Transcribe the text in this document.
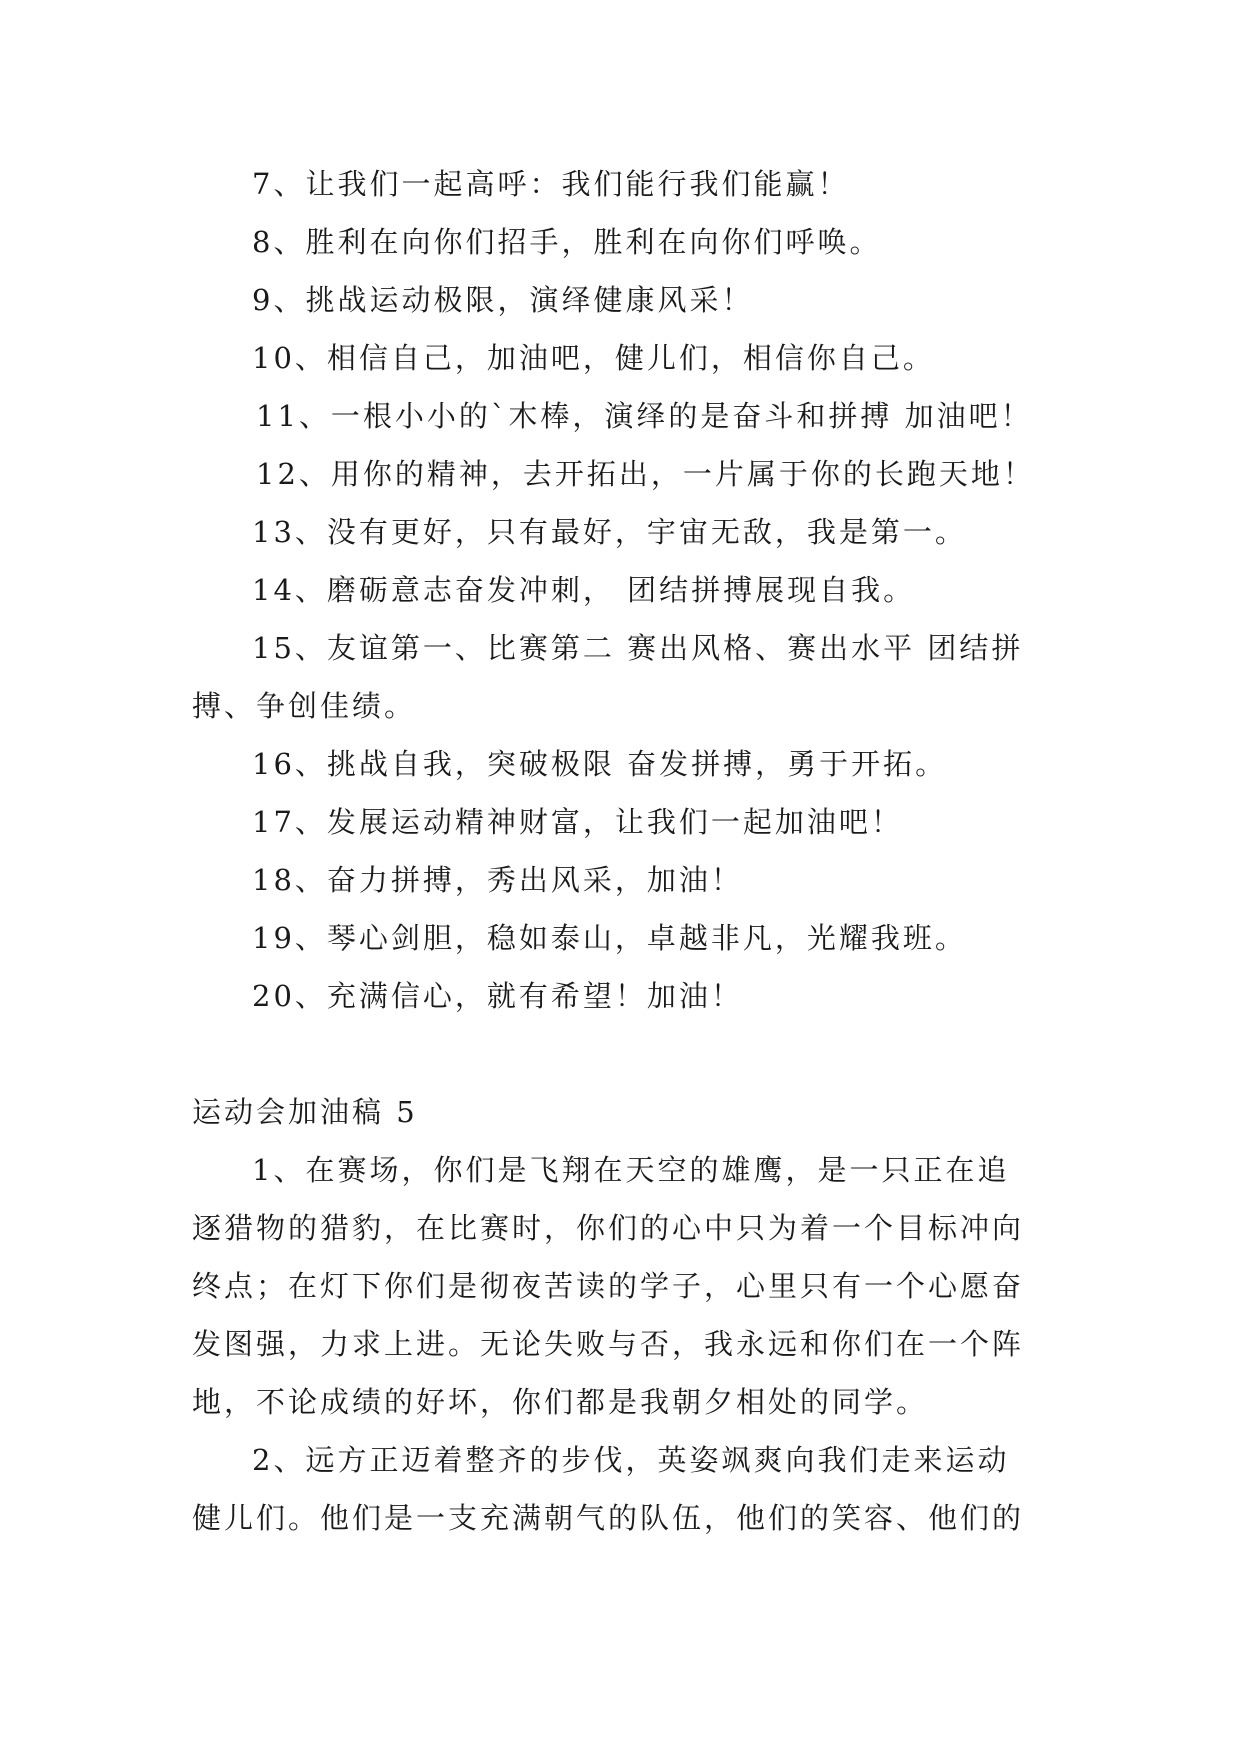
7、让我们一起高呼：我们能行我们能赢！
8、胜利在向你们招手，胜利在向你们呼唤。
9、挑战运动极限，演绎健康风采！
10、相信自己，加油吧，健儿们，相信你自己。
11、一根小小的`木棒，演绎的是奋斗和拼搏 加油吧！
12、用你的精神，去开拓出，一片属于你的长跑天地！
13、没有更好，只有最好，宇宙无敌，我是第一。
14、磨砺意志奋发冲刺， 团结拼搏展现自我。
15、友谊第一、比赛第二 赛出风格、赛出水平 团结拼
搏、争创佳绩。
16、挑战自我，突破极限 奋发拼搏，勇于开拓。
17、发展运动精神财富，让我们一起加油吧！
18、奋力拼搏，秀出风采，加油！
19、琴心剑胆，稳如泰山，卓越非凡，光耀我班。
20、充满信心，就有希望！加油！
运动会加油稿 5
1、在赛场，你们是飞翔在天空的雄鹰，是一只正在追
逐猎物的猎豹，在比赛时，你们的心中只为着一个目标冲向
终点；在灯下你们是彻夜苦读的学子，心里只有一个心愿奋
发图强，力求上进。无论失败与否，我永远和你们在一个阵
地，不论成绩的好坏，你们都是我朝夕相处的同学。
2、远方正迈着整齐的步伐，英姿飒爽向我们走来运动
健儿们。他们是一支充满朝气的队伍，他们的笑容、他们的
